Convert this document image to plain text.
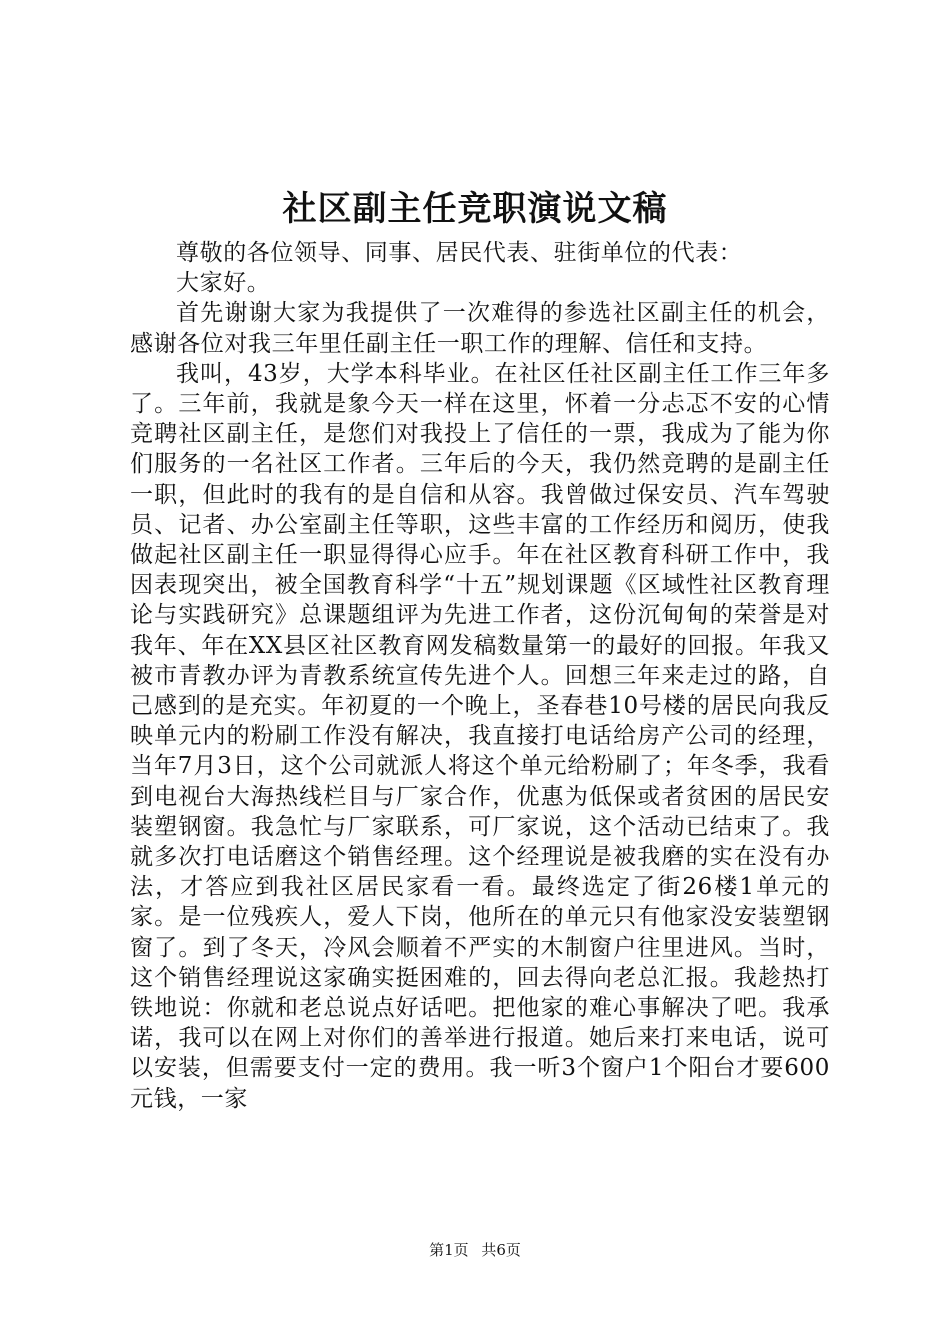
社区副主任竞职演说文稿

尊敬的各位领导、同事、居民代表、驻街单位的代表：

大家好。

首先谢谢大家为我提供了一次难得的参选社区副主任的机会，感谢各位对我三年里任副主任一职工作的理解、信任和支持。

我叫，43岁，大学本科毕业。在社区任社区副主任工作三年多了。三年前，我就是象今天一样在这里，怀着一分忐忑不安的心情竞聘社区副主任，是您们对我投上了信任的一票，我成为了能为你们服务的一名社区工作者。三年后的今天，我仍然竞聘的是副主任一职，但此时的我有的是自信和从容。我曾做过保安员、汽车驾驶员、记者、办公室副主任等职，这些丰富的工作经历和阅历，使我做起社区副主任一职显得得心应手。年在社区教育科研工作中，我因表现突出，被全国教育科学“十五”规划课题《区域性社区教育理论与实践研究》总课题组评为先进工作者，这份沉甸甸的荣誉是对我年、年在XX县区社区教育网发稿数量第一的最好的回报。年我又被市青教办评为青教系统宣传先进个人。回想三年来走过的路，自己感到的是充实。年初夏的一个晚上，圣春巷10号楼的居民向我反映单元内的粉刷工作没有解决，我直接打电话给房产公司的经理，当年7月3日，这个公司就派人将这个单元给粉刷了；年冬季，我看到电视台大海热线栏目与厂家合作，优惠为低保或者贫困的居民安装塑钢窗。我急忙与厂家联系，可厂家说，这个活动已结束了。我就多次打电话磨这个销售经理。这个经理说是被我磨的实在没有办法，才答应到我社区居民家看一看。最终选定了街26楼1单元的家。是一位残疾人，爱人下岗，他所在的单元只有他家没安装塑钢窗了。到了冬天，冷风会顺着不严实的木制窗户往里进风。当时，这个销售经理说这家确实挺困难的，回去得向老总汇报。我趁热打铁地说：你就和老总说点好话吧。把他家的难心事解决了吧。我承诺，我可以在网上对你们的善举进行报道。她后来打来电话，说可以安装，但需要支付一定的费用。我一听3个窗户1个阳台才要600元钱，一家

第1页 共6页
